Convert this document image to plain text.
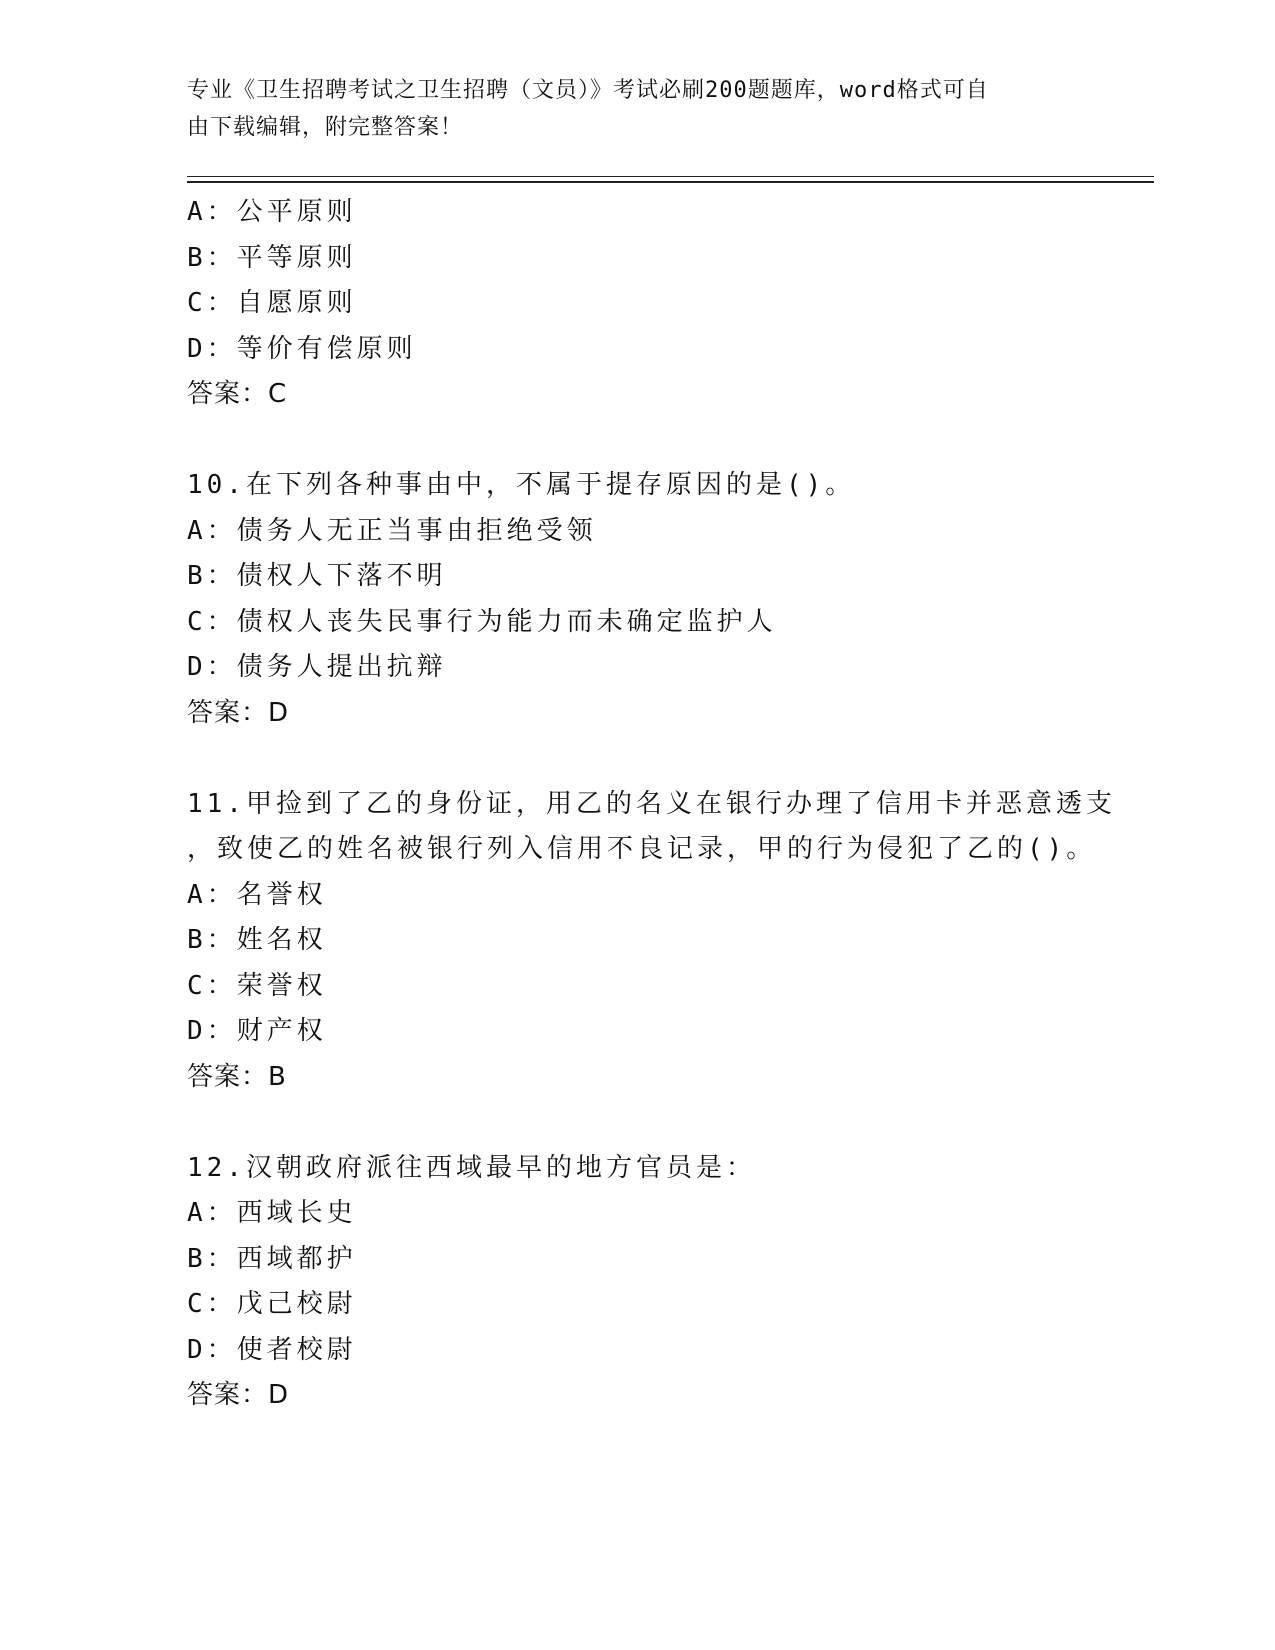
专业《卫生招聘考试之卫生招聘（文员）》考试必刷200题题库，word格式可自
由下载编辑，附完整答案！
A：公平原则
B：平等原则
C：自愿原则
D：等价有偿原则
答案：C
10.在下列各种事由中，不属于提存原因的是()。
A：债务人无正当事由拒绝受领
B：债权人下落不明
C：债权人丧失民事行为能力而未确定监护人
D：债务人提出抗辩
答案：D
11.甲捡到了乙的身份证，用乙的名义在银行办理了信用卡并恶意透支
，致使乙的姓名被银行列入信用不良记录，甲的行为侵犯了乙的()。
A：名誉权
B：姓名权
C：荣誉权
D：财产权
答案：B
12.汉朝政府派往西域最早的地方官员是：
A：西域长史
B：西域都护
C：戊己校尉
D：使者校尉
答案：D
